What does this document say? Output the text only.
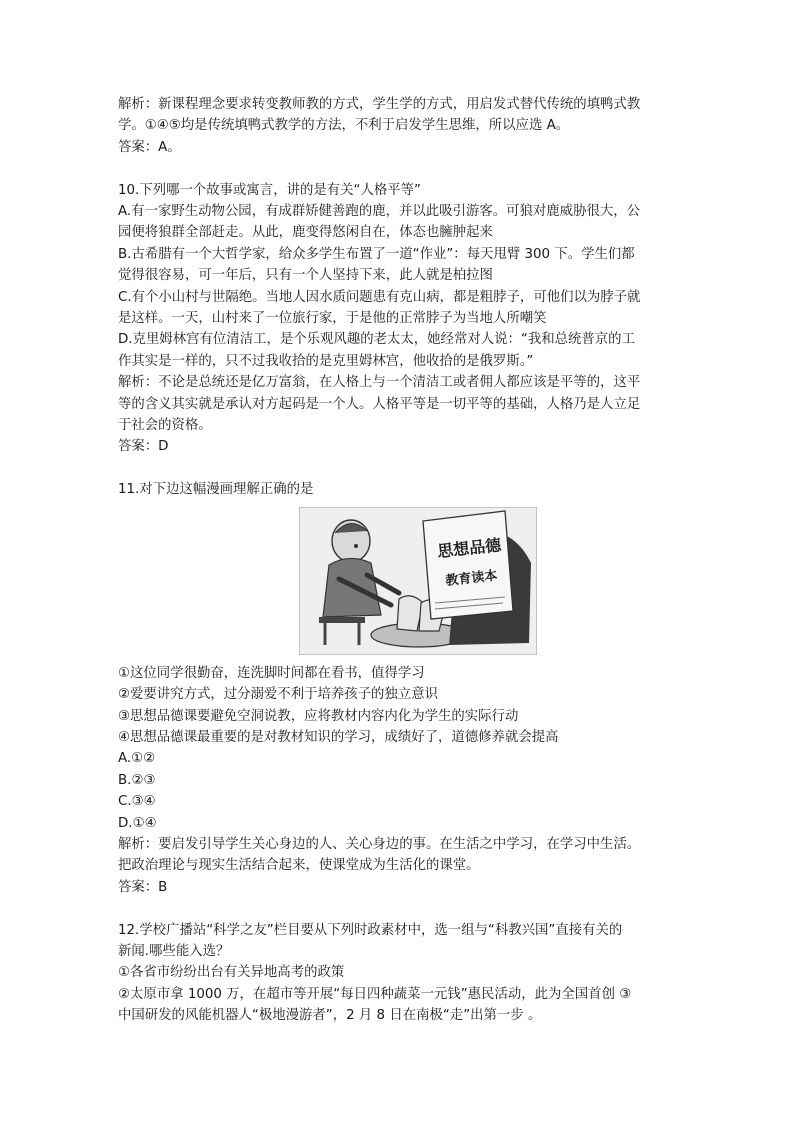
解析：新课程理念要求转变教师教的方式，学生学的方式，用启发式替代传统的填鸭式教

学。①④⑤均是传统填鸭式教学的方法，不利于启发学生思维，所以应选 A。

答案：A。

10.下列哪一个故事或寓言，讲的是有关“人格平等”

A.有一家野生动物公园，有成群矫健善跑的鹿，并以此吸引游客。可狼对鹿威胁很大，公

园便将狼群全部赶走。从此，鹿变得悠闲自在，体态也臃肿起来

B.古希腊有一个大哲学家，给众多学生布置了一道“作业”：每天甩臂 300 下。学生们都

觉得很容易，可一年后，只有一个人坚持下来，此人就是柏拉图

C.有个小山村与世隔绝。当地人因水质问题患有克山病，都是粗脖子，可他们以为脖子就

是这样。一天，山村来了一位旅行家，于是他的正常脖子为当地人所嘲笑

D.克里姆林宫有位清洁工，是个乐观风趣的老太太，她经常对人说：“我和总统普京的工

作其实是一样的，只不过我收拾的是克里姆林宫，他收拾的是俄罗斯。”

解析：不论是总统还是亿万富翁，在人格上与一个清洁工或者佣人都应该是平等的，这平

等的含义其实就是承认对方起码是一个人。人格平等是一切平等的基础，人格乃是人立足

于社会的资格。

答案：D

11.对下边这幅漫画理解正确的是

思想品德
教育读本

①这位同学很勤奋，连洗脚时间都在看书，值得学习

②爱要讲究方式，过分溺爱不利于培养孩子的独立意识

③思想品德课要避免空洞说教，应将教材内容内化为学生的实际行动

④思想品德课最重要的是对教材知识的学习，成绩好了，道德修养就会提高

A.①②

B.②③

C.③④

D.①④

解析：要启发引导学生关心身边的人、关心身边的事。在生活之中学习，在学习中生活。

把政治理论与现实生活结合起来，使课堂成为生活化的课堂。

答案：B

12.学校广播站“科学之友”栏目要从下列时政素材中，选一组与“科教兴国”直接有关的

新闻.哪些能入选？

①各省市纷纷出台有关异地高考的政策

②太原市拿 1000 万，在超市等开展“每日四种蔬菜一元钱”惠民活动，此为全国首创 ③

中国研发的风能机器人“极地漫游者”，2 月 8 日在南极“走”出第一步 。
